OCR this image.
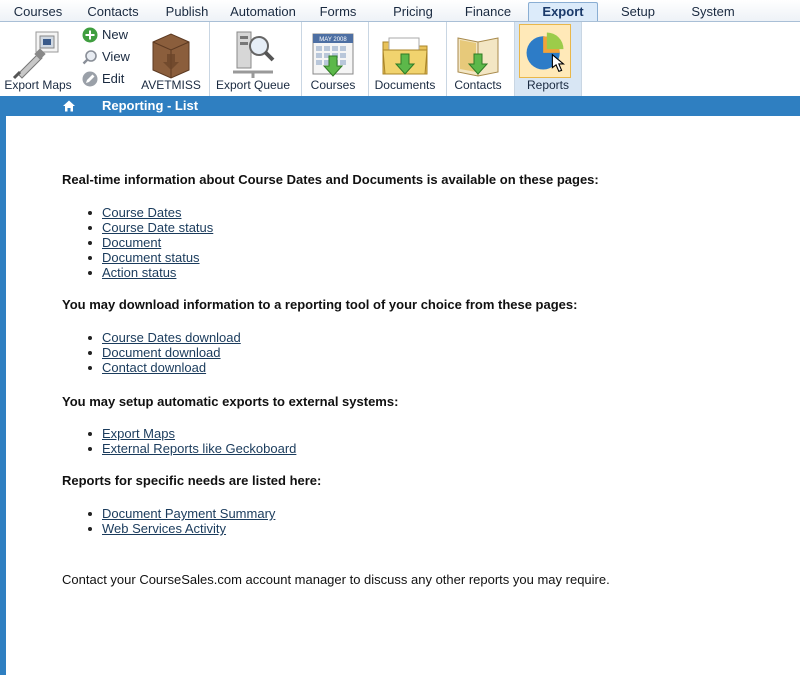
Courses	Contacts	Publish	Automation	Forms	Pricing	Finance	Export	Setup	System
Export Maps
New
View
Edit	AVETMISS	Export Queue
MAY 2008
Courses	Documents	Contacts	Reports
Reporting - List
Real-time information about Course Dates and Documents is available on these pages:
Course Dates
Course Date status
Document
Document status
Action status
You may download information to a reporting tool of your choice from these pages:
Course Dates download
Document download
Contact download
You may setup automatic exports to external systems:
Export Maps
External Reports like Geckoboard
Reports for specific needs are listed here:
Document Payment Summary
Web Services Activity
Contact your CourseSales.com account manager to discuss any other reports you may require.
